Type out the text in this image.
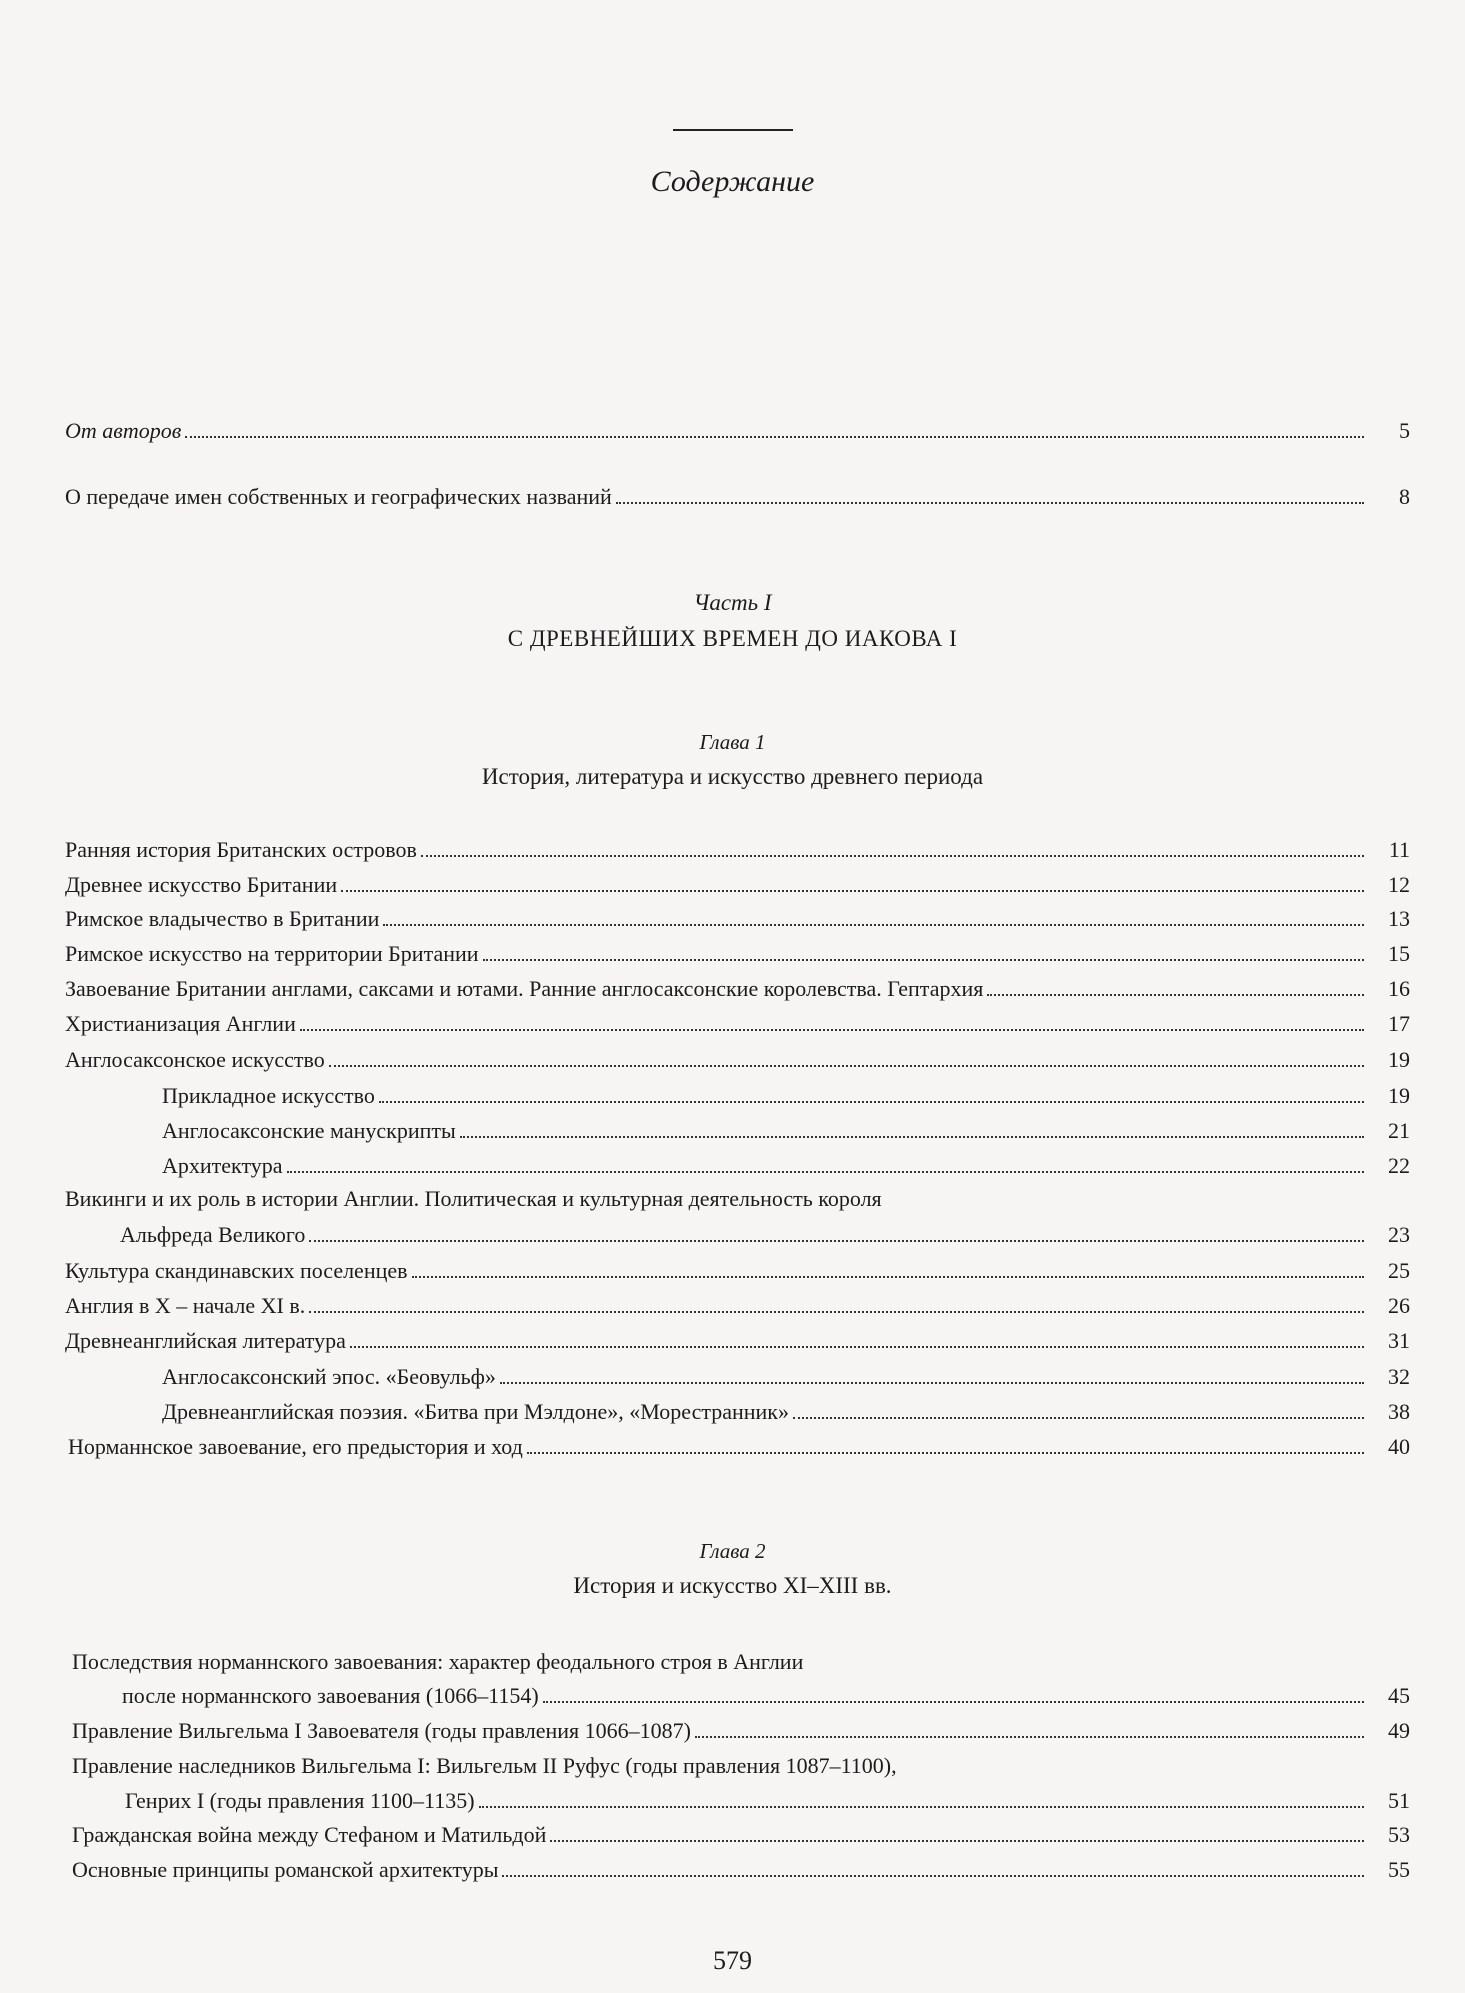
Содержание
От авторов	5
О передаче имен собственных и географических названий	8
Часть I
С ДРЕВНЕЙШИХ ВРЕМЕН ДО ИАКОВА I
Глава 1
История, литература и искусство древнего периода
Ранняя история Британских островов	11
Древнее искусство Британии	12
Римское владычество в Британии	13
Римское искусство на территории Британии	15
Завоевание Британии англами, саксами и ютами. Ранние англосаксонские королевства. Гептархия	16
Христианизация Англии	17
Англосаксонское искусство	19
Прикладное искусство	19
Англосаксонские манускрипты	21
Архитектура	22
Викинги и их роль в истории Англии. Политическая и культурная деятельность короля
Альфреда Великого	23
Культура скандинавских поселенцев	25
Англия в X – начале XI в.	26
Древнеанглийская литература	31
Англосаксонский эпос. «Беовульф»	32
Древнеанглийская поэзия. «Битва при Мэлдоне», «Морестранник»	38
Норманнское завоевание, его предыстория и ход	40
Глава 2
История и искусство XI–XIII вв.
Последствия норманнского завоевания: характер феодального строя в Англии
после норманнского завоевания (1066–1154)	45
Правление Вильгельма I Завоевателя (годы правления 1066–1087)	49
Правление наследников Вильгельма I: Вильгельм II Руфус (годы правления 1087–1100),
Генрих I (годы правления 1100–1135)	51
Гражданская война между Стефаном и Матильдой	53
Основные принципы романской архитектуры	55
579
